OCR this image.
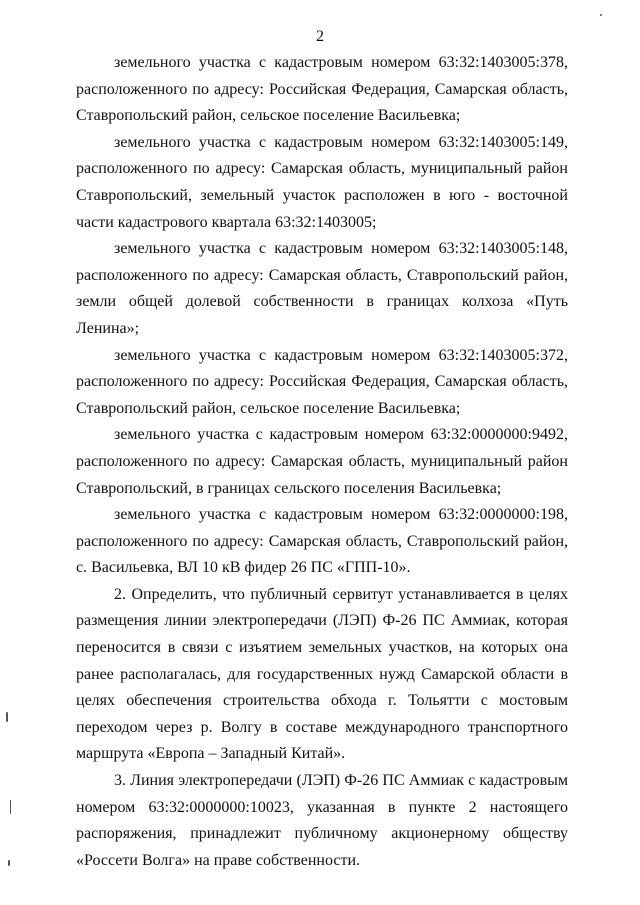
2

земельного участка с кадастровым номером 63:32:1403005:378, расположенного по адресу: Российская Федерация, Самарская область, Ставропольский район, сельское поселение Васильевка;

земельного участка с кадастровым номером 63:32:1403005:149, расположенного по адресу: Самарская область, муниципальный район Ставропольский, земельный участок расположен в юго - восточной части кадастрового квартала 63:32:1403005;

земельного участка с кадастровым номером 63:32:1403005:148, расположенного по адресу: Самарская область, Ставропольский район, земли общей долевой собственности в границах колхоза «Путь Ленина»;

земельного участка с кадастровым номером 63:32:1403005:372, расположенного по адресу: Российская Федерация, Самарская область, Ставропольский район, сельское поселение Васильевка;

земельного участка с кадастровым номером 63:32:0000000:9492, расположенного по адресу: Самарская область, муниципальный район Ставропольский, в границах сельского поселения Васильевка;

земельного участка с кадастровым номером 63:32:0000000:198, расположенного по адресу: Самарская область, Ставропольский район, с. Васильевка, ВЛ 10 кВ фидер 26 ПС «ГПП-10».

2. Определить, что публичный сервитут устанавливается в целях размещения линии электропередачи (ЛЭП) Ф-26 ПС Аммиак, которая переносится в связи с изъятием земельных участков, на которых она ранее располагалась, для государственных нужд Самарской области в целях обеспечения строительства обхода г. Тольятти с мостовым переходом через р. Волгу в составе международного транспортного маршрута «Европа – Западный Китай».

3. Линия электропередачи (ЛЭП) Ф-26 ПС Аммиак с кадастровым номером 63:32:0000000:10023, указанная в пункте 2 настоящего распоряжения, принадлежит публичному акционерному обществу «Россети Волга» на праве собственности.
